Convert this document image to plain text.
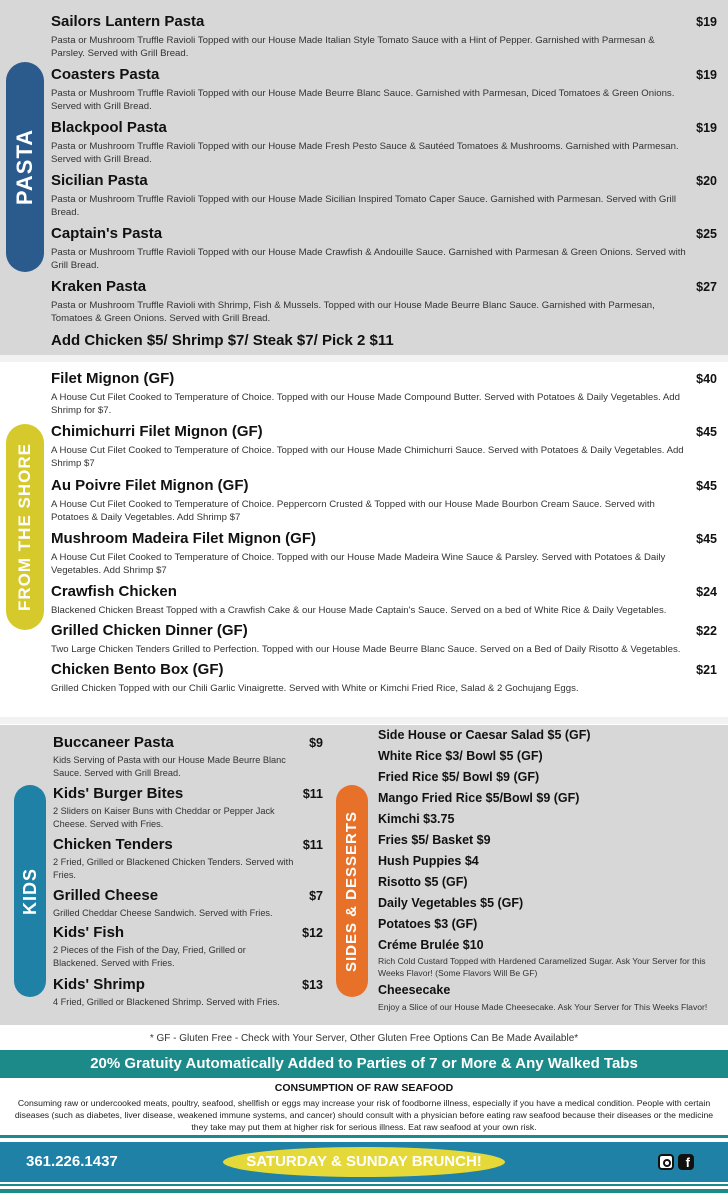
PASTA
Sailors Lantern Pasta	$19
Pasta or Mushroom Truffle Ravioli Topped with our House Made Italian Style Tomato Sauce with a Hint of Pepper. Garnished with Parmesan & Parsley. Served with Grill Bread.
Coasters Pasta	$19
Pasta or Mushroom Truffle Ravioli Topped with our House Made Beurre Blanc Sauce. Garnished with Parmesan, Diced Tomatoes & Green Onions. Served with Grill Bread.
Blackpool Pasta	$19
Pasta or Mushroom Truffle Ravioli Topped with our House Made Fresh Pesto Sauce & Sautéed Tomatoes & Mushrooms. Garnished with Parmesan. Served with Grill Bread.
Sicilian Pasta	$20
Pasta or Mushroom Truffle Ravioli Topped with our House Made Sicilian Inspired Tomato Caper Sauce. Garnished with Parmesan. Served with Grill Bread.
Captain's Pasta	$25
Pasta or Mushroom Truffle Ravioli Topped with our House Made Crawfish & Andouille Sauce. Garnished with Parmesan & Green Onions. Served with Grill Bread.
Kraken Pasta	$27
Pasta or Mushroom Truffle Ravioli with Shrimp, Fish & Mussels. Topped with our House Made Beurre Blanc Sauce. Garnished with Parmesan, Tomatoes & Green Onions. Served with Grill Bread.
Add Chicken $5/ Shrimp $7/ Steak $7/ Pick 2 $11
FROM THE SHORE
Filet Mignon (GF)	$40
A House Cut Filet Cooked to Temperature of Choice. Topped with our House Made Compound Butter. Served with Potatoes & Daily Vegetables. Add Shrimp for $7.
Chimichurri Filet Mignon (GF)	$45
A House Cut Filet Cooked to Temperature of Choice. Topped with our House Made Chimichurri Sauce. Served with Potatoes & Daily Vegetables. Add Shrimp $7
Au Poivre Filet Mignon (GF)	$45
A House Cut Filet Cooked to Temperature of Choice. Peppercorn Crusted & Topped with our House Made Bourbon Cream Sauce. Served with Potatoes & Daily Vegetables. Add Shrimp $7
Mushroom Madeira Filet Mignon (GF)	$45
A House Cut Filet Cooked to Temperature of Choice. Topped with our House Made Madeira Wine Sauce & Parsley. Served with Potatoes & Daily Vegetables. Add Shrimp $7
Crawfish Chicken	$24
Blackened Chicken Breast Topped with a Crawfish Cake & our House Made Captain's Sauce. Served on a bed of White Rice & Daily Vegetables.
Grilled Chicken Dinner (GF)	$22
Two Large Chicken Tenders Grilled to Perfection. Topped with our House Made Beurre Blanc Sauce. Served on a Bed of Daily Risotto & Vegetables.
Chicken Bento Box (GF)	$21
Grilled Chicken Topped with our Chili Garlic Vinaigrette. Served with White or Kimchi Fried Rice, Salad & 2 Gochujang Eggs.
KIDS
Buccaneer Pasta	$9
Kids Serving of Pasta with our House Made Beurre Blanc Sauce. Served with Grill Bread.
Kids' Burger Bites	$11
2 Sliders on Kaiser Buns with Cheddar or Pepper Jack Cheese. Served with Fries.
Chicken Tenders	$11
2 Fried, Grilled or Blackened Chicken Tenders. Served with Fries.
Grilled Cheese	$7
Grilled Cheddar Cheese Sandwich. Served with Fries.
Kids' Fish	$12
2 Pieces of the Fish of the Day, Fried, Grilled or Blackened. Served with Fries.
Kids' Shrimp	$13
4 Fried, Grilled or Blackened Shrimp. Served with Fries.
SIDES & DESSERTS
Side House or Caesar Salad $5 (GF)
White Rice $3/ Bowl $5 (GF)
Fried Rice $5/ Bowl $9 (GF)
Mango Fried Rice $5/Bowl $9 (GF)
Kimchi $3.75
Fries $5/ Basket $9
Hush Puppies $4
Risotto $5 (GF)
Daily Vegetables $5 (GF)
Potatoes $3 (GF)
Créme Brulée $10
Rich Cold Custard Topped with Hardened Caramelized Sugar. Ask Your Server for this Weeks Flavor! (Some Flavors Will Be GF)
Cheesecake
Enjoy a Slice of our House Made Cheesecake. Ask Your Server for This Weeks Flavor!
* GF - Gluten Free - Check with Your Server, Other Gluten Free Options Can Be Made Available*
20% Gratuity Automatically Added to Parties of 7 or More & Any Walked Tabs
CONSUMPTION OF RAW SEAFOOD
Consuming raw or undercooked meats, poultry, seafood, shellfish or eggs may increase your risk of foodborne illness, especially if you have a medical condition. People with certain diseases (such as diabetes, liver disease, weakened immune systems, and cancer) should consult with a physician before eating raw seafood because their diseases or the medicine they take may put them at higher risk for serious illness. Eat raw seafood at your own risk.
361.226.1437	SATURDAY & SUNDAY BRUNCH!	f
